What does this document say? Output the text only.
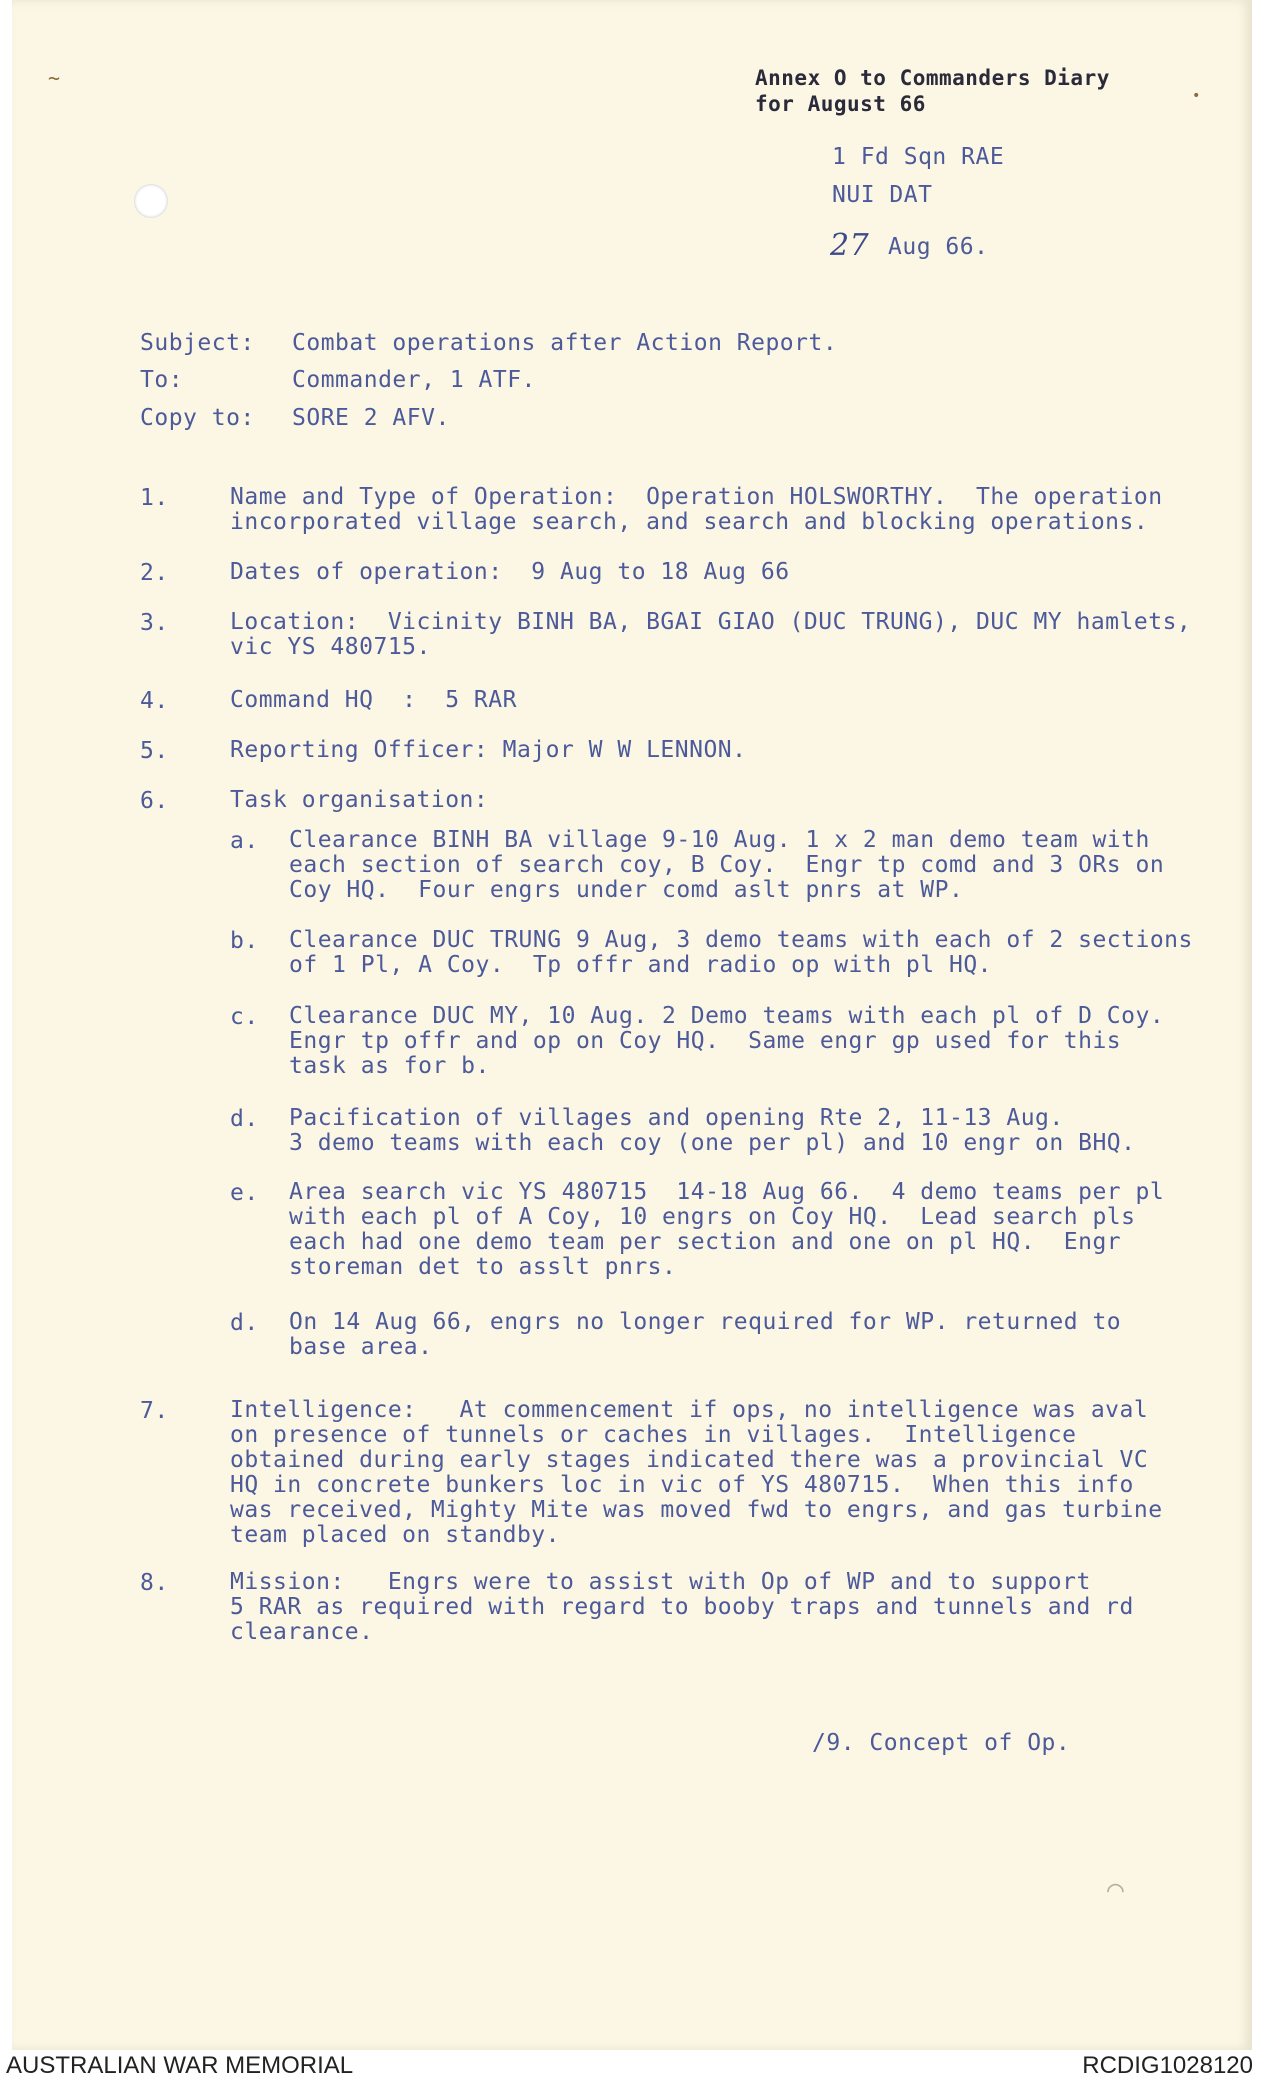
~
•
Annex O to Commanders Diary
for August 66
1 Fd Sqn RAE
NUI DAT
27 Aug 66.
Subject: Combat operations after Action Report.
To:	Commander, 1 ATF.
Copy to: SORE 2 AFV.
1.	Name and Type of Operation:  Operation HOLSWORTHY.  The operation
incorporated village search, and search and blocking operations.
2.	Dates of operation:  9 Aug to 18 Aug 66
3.	Location:  Vicinity BINH BA, BGAI GIAO (DUC TRUNG), DUC MY hamlets,
vic YS 480715.
4.	Command HQ  :  5 RAR
5.	Reporting Officer: Major W W LENNON.
6.	Task organisation:
a. Clearance BINH BA village 9-10 Aug. 1 x 2 man demo team with
each section of search coy, B Coy.  Engr tp comd and 3 ORs on
Coy HQ.  Four engrs under comd aslt pnrs at WP.
b. Clearance DUC TRUNG 9 Aug, 3 demo teams with each of 2 sections
of 1 Pl, A Coy.  Tp offr and radio op with pl HQ.
c. Clearance DUC MY, 10 Aug. 2 Demo teams with each pl of D Coy.
Engr tp offr and op on Coy HQ.  Same engr gp used for this
task as for b.
d. Pacification of villages and opening Rte 2, 11-13 Aug.
3 demo teams with each coy (one per pl) and 10 engr on BHQ.
e. Area search vic YS 480715  14-18 Aug 66.  4 demo teams per pl
with each pl of A Coy, 10 engrs on Coy HQ.  Lead search pls
each had one demo team per section and one on pl HQ.  Engr
storeman det to asslt pnrs.
d. On 14 Aug 66, engrs no longer required for WP. returned to
base area.
7.	Intelligence:   At commencement if ops, no intelligence was aval
on presence of tunnels or caches in villages.  Intelligence
obtained during early stages indicated there was a provincial VC
HQ in concrete bunkers loc in vic of YS 480715.  When this info
was received, Mighty Mite was moved fwd to engrs, and gas turbine
team placed on standby.
8.	Mission:   Engrs were to assist with Op of WP and to support
5 RAR as required with regard to booby traps and tunnels and rd
clearance.
/9. Concept of Op.
⌒
AUSTRALIAN WAR MEMORIAL	RCDIG1028120
